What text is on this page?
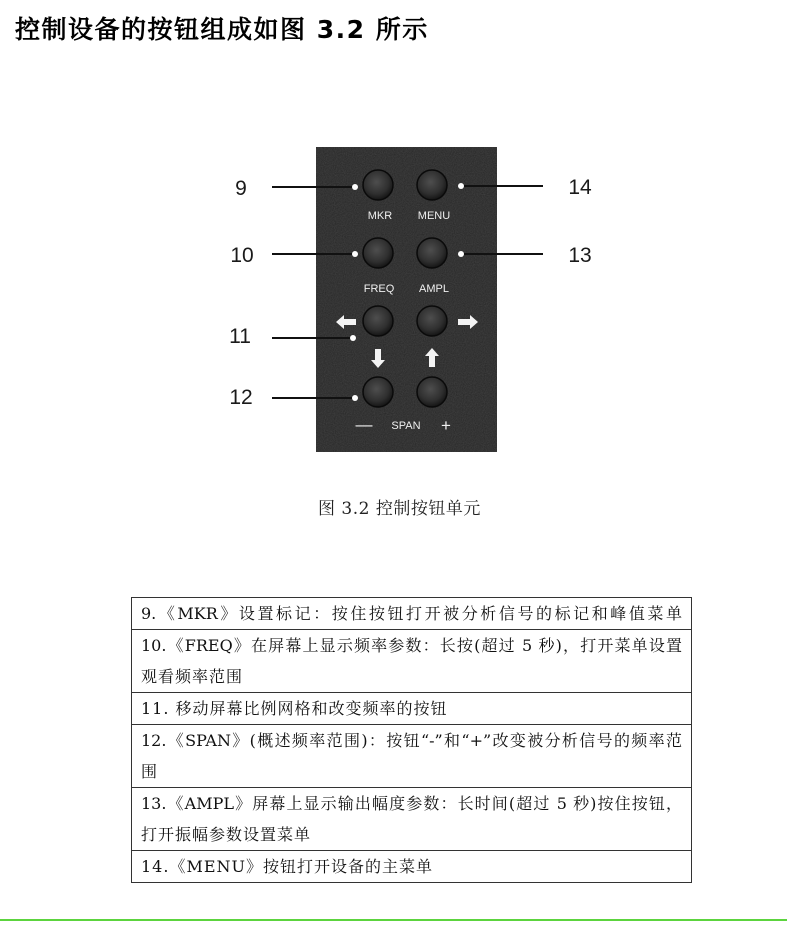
控制设备的按钮组成如图 3.2 所示
MKR MENU
FREQ AMPL
SPAN
—	+
9
10
11
12
13
14
图 3.2 控制按钮单元
9.《MKR》设置标记：按住按钮打开被分析信号的标记和峰值菜单
10.《FREQ》在屏幕上显示频率参数：长按(超过 5 秒)，打开菜单设置
观看频率范围
11. 移动屏幕比例网格和改变频率的按钮
12.《SPAN》(概述频率范围)：按钮“-”和“+”改变被分析信号的频率范
围
13.《AMPL》屏幕上显示输出幅度参数：长时间(超过 5 秒)按住按钮，
打开振幅参数设置菜单
14.《MENU》按钮打开设备的主菜单
